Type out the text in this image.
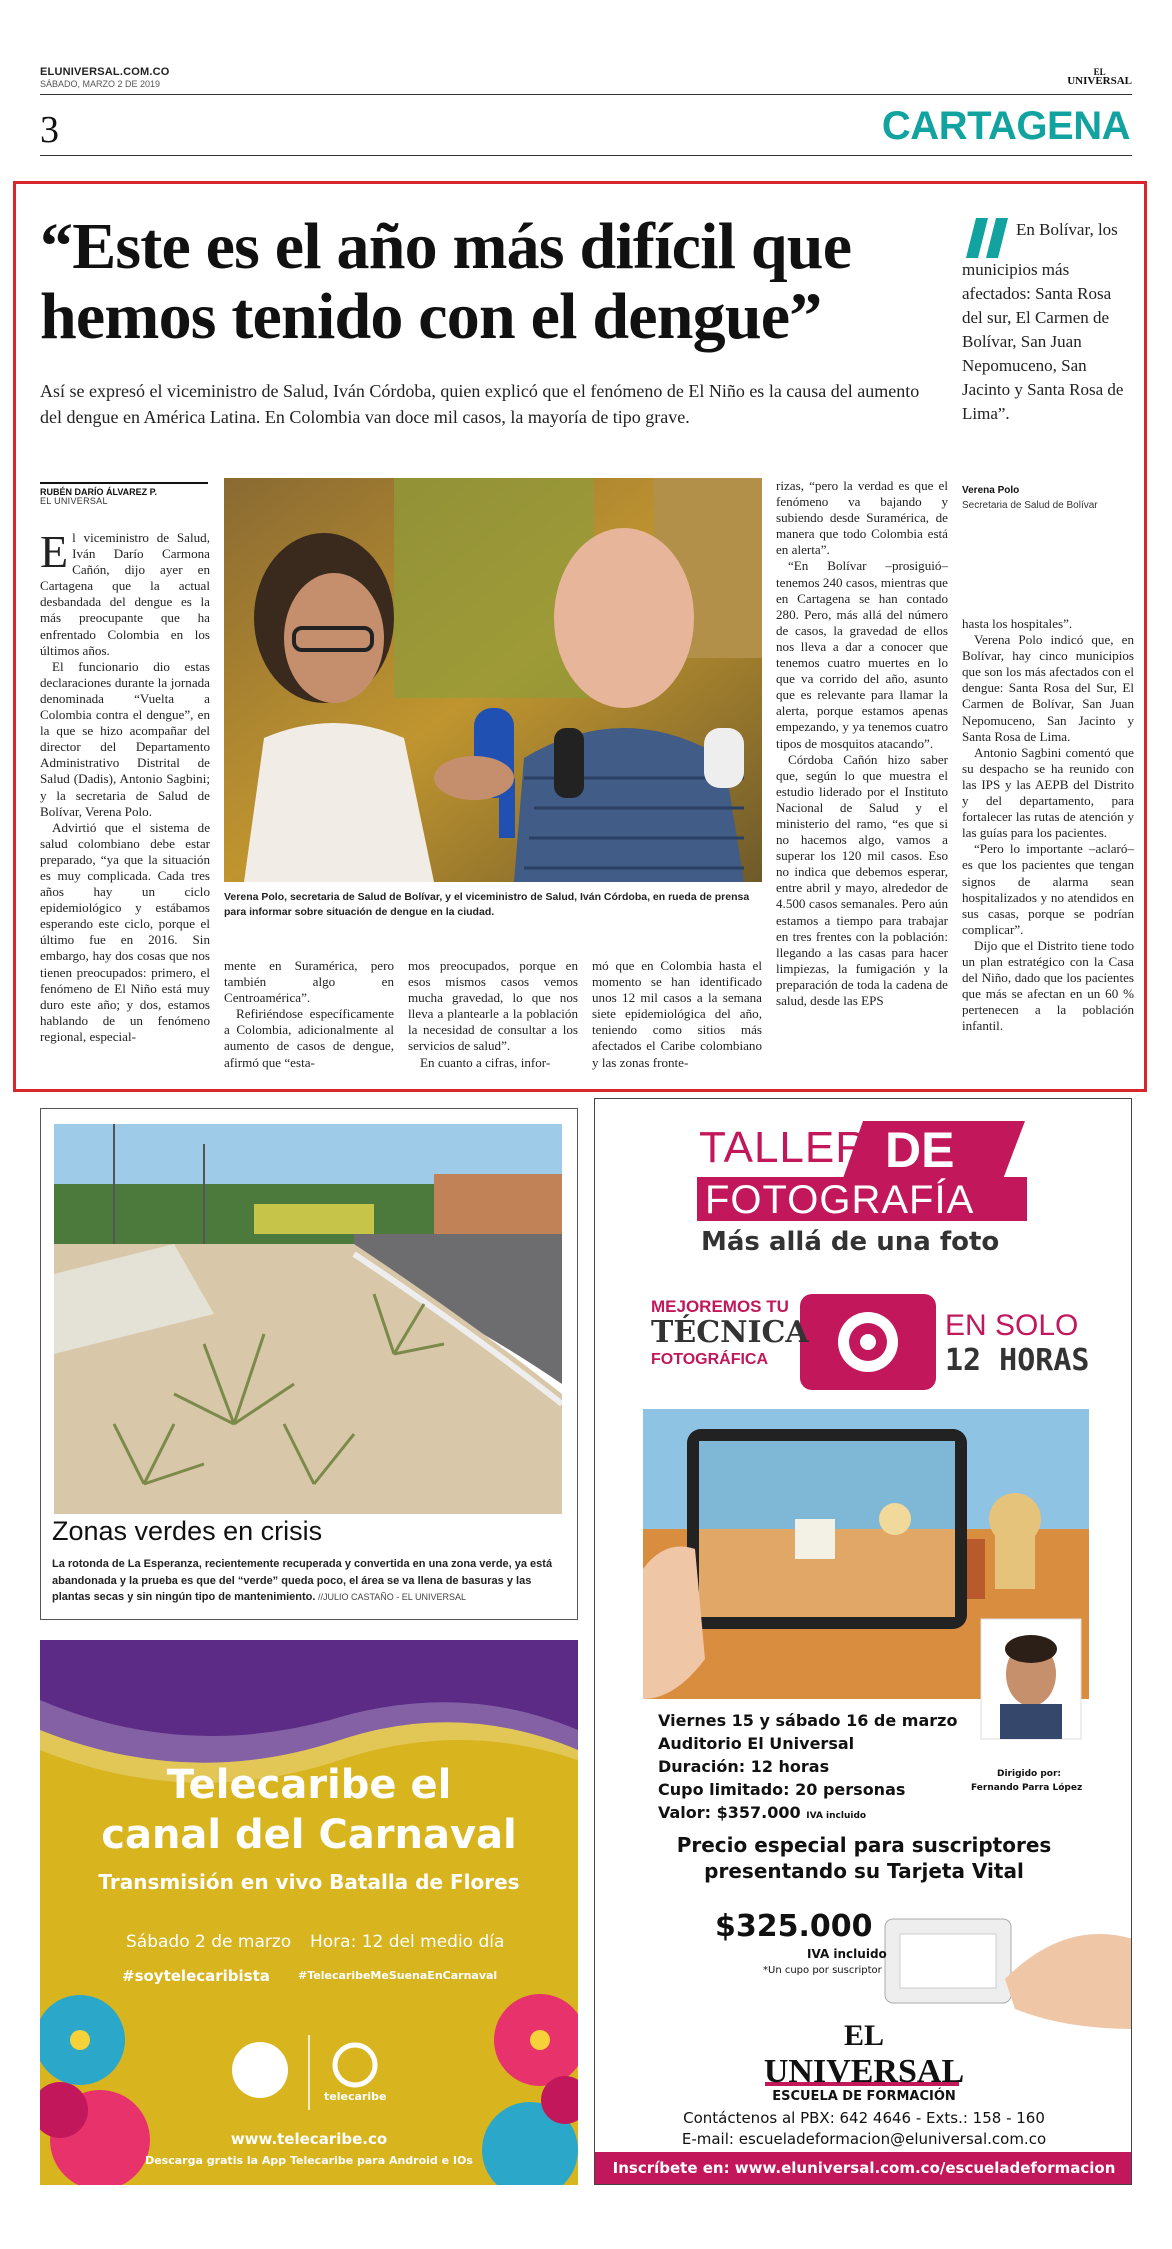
ELUNIVERSAL.COM.CO
SÁBADO, MARZO 2 DE 2019
EL
UNIVERSAL
3	CARTAGENA
“Este es el año más difícil que hemos tenido con el dengue”

Así se expresó el viceministro de Salud, Iván Córdoba, quien explicó que el fenómeno de El Niño es la causa del aumento del dengue en América Latina. En Colombia van doce mil casos, la mayoría de tipo grave.

En Bolívar, los municipios más afectados: Santa Rosa del sur, El Carmen de Bolívar, San Juan Nepomuceno, San Jacinto y Santa Rosa de Lima”.
Verena Polo
Secretaria de Salud de Bolívar
RUBÉN DARÍO ÁLVAREZ P.
EL UNIVERSAL

El viceministro de Salud, Iván Darío Carmona Cañón, dijo ayer en Cartagena que la actual desbandada del dengue es la más preocupante que ha enfrentado Colombia en los últimos años.

El funcionario dio estas declaraciones durante la jornada denominada “Vuelta a Colombia contra el dengue”, en la que se hizo acompañar del director del Departamento Administrativo Distrital de Salud (Dadis), Antonio Sagbini; y la secretaria de Salud de Bolívar, Verena Polo.

Advirtió que el sistema de salud colombiano debe estar preparado, “ya que la situación es muy complicada. Cada tres años hay un ciclo epidemiológico y estábamos esperando este ciclo, porque el último fue en 2016. Sin embargo, hay dos cosas que nos tienen preocupados: primero, el fenómeno de El Niño está muy duro este año; y dos, estamos hablando de un fenómeno regional, especial-

Verena Polo, secretaria de Salud de Bolívar, y el viceministro de Salud, Iván Córdoba, en rueda de prensa para informar sobre situación de dengue en la ciudad.

mente en Suramérica, pero también algo en Centroamérica”.

Refiriéndose específicamente a Colombia, adicionalmente al aumento de casos de dengue, afirmó que “esta-

mos preocupados, porque en esos mismos casos vemos mucha gravedad, lo que nos lleva a plantearle a la población la necesidad de consultar a los servicios de salud”.

En cuanto a cifras, infor-

mó que en Colombia hasta el momento se han identificado unos 12 mil casos a la semana siete epidemiológica del año, teniendo como sitios más afectados el Caribe colombiano y las zonas fronte-

rizas, “pero la verdad es que el fenómeno va bajando y subiendo desde Suramérica, de manera que todo Colombia está en alerta”.

“En Bolívar –prosiguió– tenemos 240 casos, mientras que en Cartagena se han contado 280. Pero, más allá del número de casos, la gravedad de ellos nos lleva a dar a conocer que tenemos cuatro muertes en lo que va corrido del año, asunto que es relevante para llamar la alerta, porque estamos apenas empezando, y ya tenemos cuatro tipos de mosquitos atacando”.

Córdoba Cañón hizo saber que, según lo que muestra el estudio liderado por el Instituto Nacional de Salud y el ministerio del ramo, “es que si no hacemos algo, vamos a superar los 120 mil casos. Eso no indica que debemos esperar, entre abril y mayo, alrededor de 4.500 casos semanales. Pero aún estamos a tiempo para trabajar en tres frentes con la población: llegando a las casas para hacer limpiezas, la fumigación y la preparación de toda la cadena de salud, desde las EPS

hasta los hospitales”.

Verena Polo indicó que, en Bolívar, hay cinco municipios que son los más afectados con el dengue: Santa Rosa del Sur, El Carmen de Bolívar, San Juan Nepomuceno, San Jacinto y Santa Rosa de Lima.

Antonio Sagbini comentó que su despacho se ha reunido con las IPS y las AEPB del Distrito y del departamento, para fortalecer las rutas de atención y las guías para los pacientes.

“Pero lo importante –aclaró– es que los pacientes que tengan signos de alarma sean hospitalizados y no atendidos en sus casas, porque se podrían complicar”.

Dijo que el Distrito tiene todo un plan estratégico con la Casa del Niño, dado que los pacientes que más se afectan en un 60 % pertenecen a la población infantil.

Zonas verdes en crisis

La rotonda de La Esperanza, recientemente recuperada y convertida en una zona verde, ya está abandonada y la prueba es que del “verde” queda poco, el área se va llena de basuras y las plantas secas y sin ningún tipo de mantenimiento. //JULIO CASTAÑO - EL UNIVERSAL

Telecaribe el
canal del Carnaval
Transmisión en vivo Batalla de Flores
Sábado 2 de marzo Hora: 12 del medio día
#soytelecaribista	#TelecaribeMeSuenaEnCarnaval
telecaribe
www.telecaribe.co
Descarga gratis la App Telecaribe para Android e IOs
TALLER DE
FOTOGRAFÍA
Más allá de una foto
MEJOREMOS TU
TÉCNICA
FOTOGRÁFICA
EN SOLO
12 HORAS
Viernes 15 y sábado 16 de marzo
Auditorio El Universal
Duración: 12 horas
Cupo limitado: 20 personas
Valor: $357.000 IVA incluido
Dirigido por:
Fernando Parra López
Precio especial para suscriptores
presentando su Tarjeta Vital
$325.000
IVA incluido
*Un cupo por suscriptor
EL
UNIVERSAL
ESCUELA DE FORMACIÓN
Contáctenos al PBX: 642 4646 - Exts.: 158 - 160
E-mail: escueladeformacion@eluniversal.com.co
Inscríbete en: www.eluniversal.com.co/escueladeformacion
